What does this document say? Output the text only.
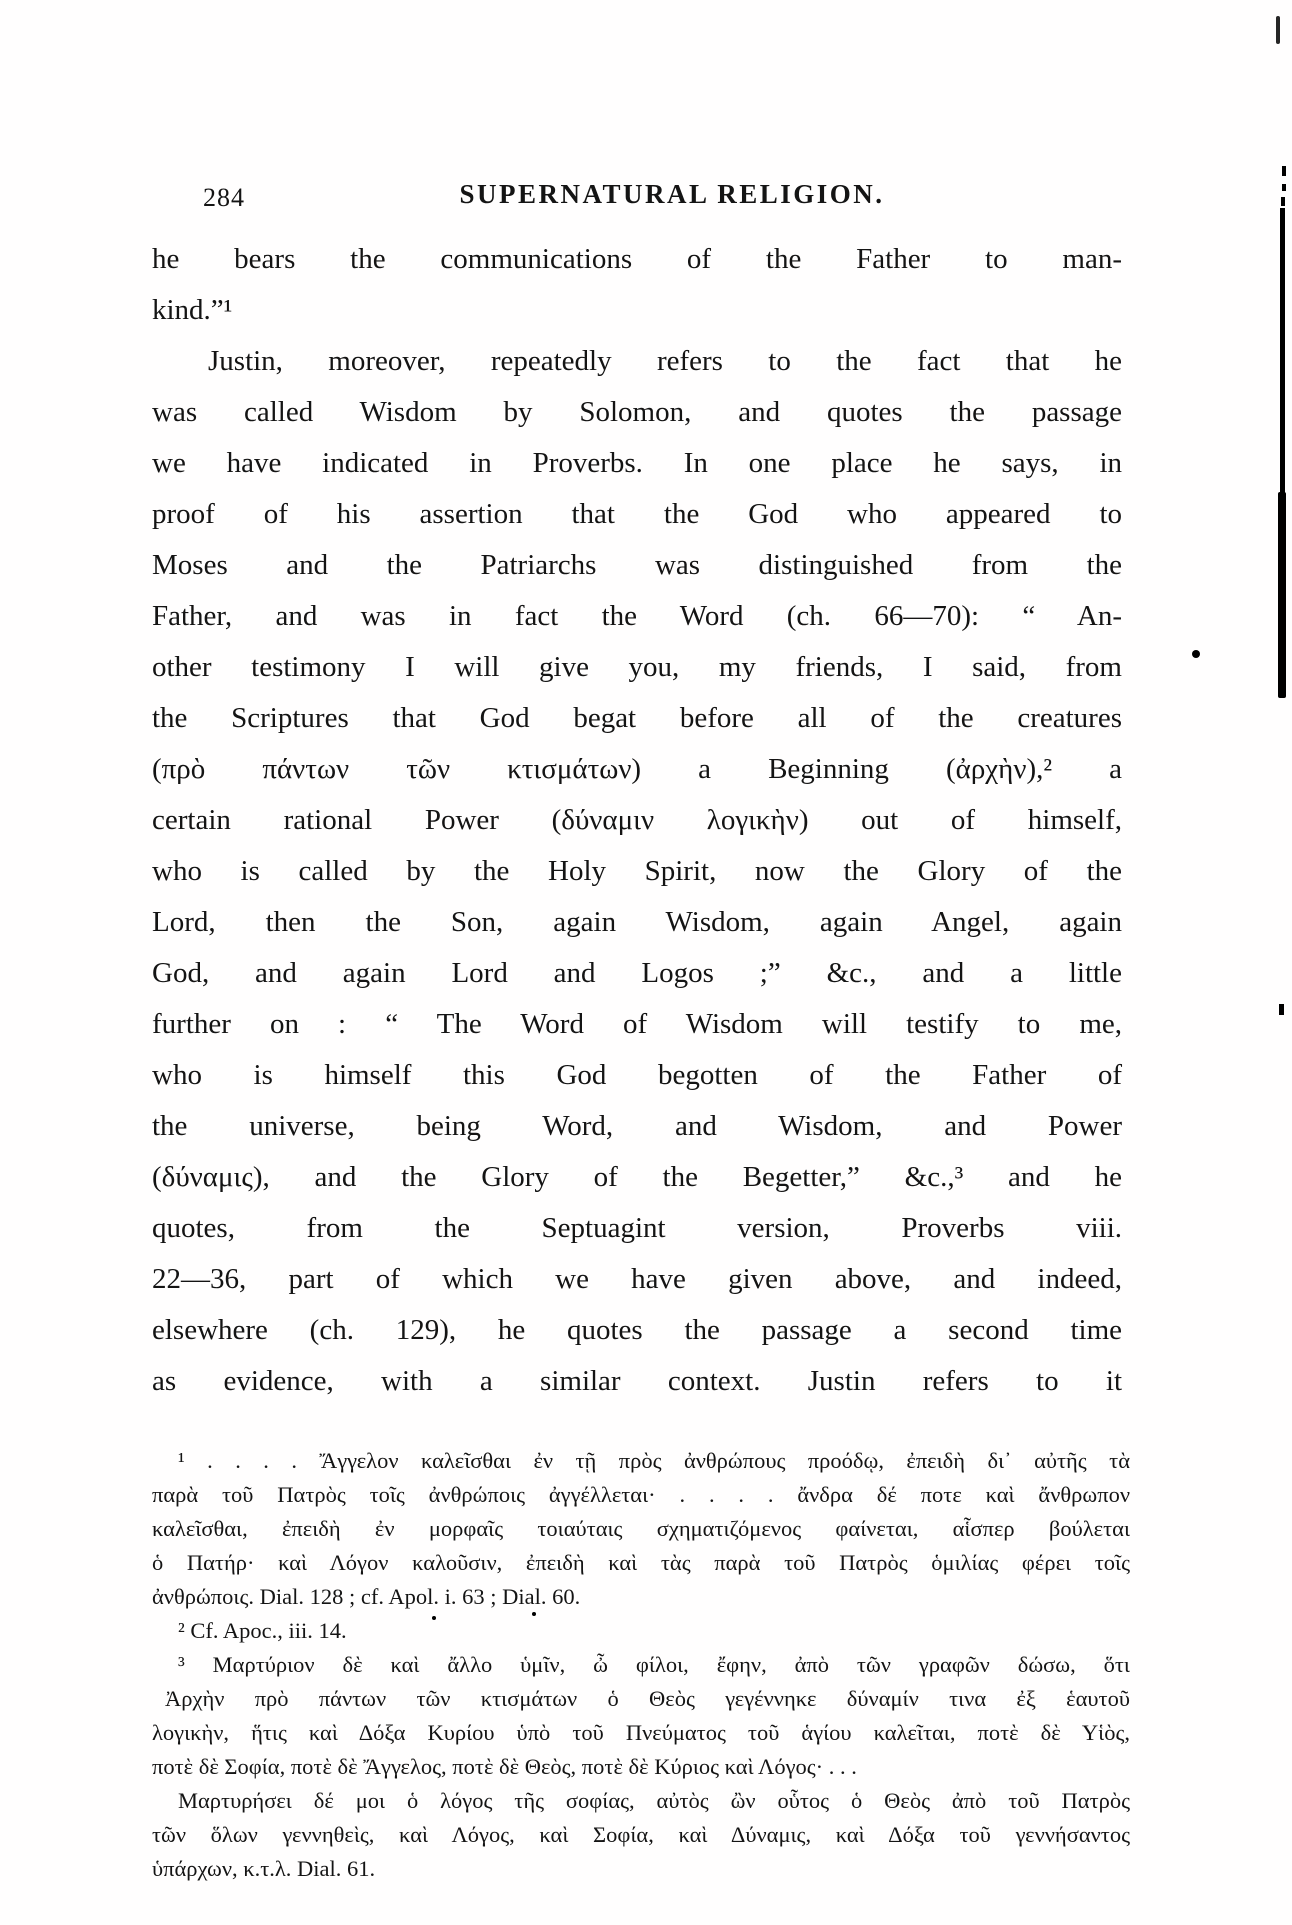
284	SUPERNATURAL RELIGION.
he bears the communications of the Father to man-
kind.”¹
Justin, moreover, repeatedly refers to the fact that he
was called Wisdom by Solomon, and quotes the passage
we have indicated in Proverbs. In one place he says, in
proof of his assertion that the God who appeared to
Moses and the Patriarchs was distinguished from the
Father, and was in fact the Word (ch. 66—70): “ An-
other testimony I will give you, my friends, I said, from
the Scriptures that God begat before all of the creatures
(πρὸ πάντων τῶν κτισμάτων) a Beginning (ἀρχὴν),² a
certain rational Power (δύναμιν λογικὴν) out of himself,
who is called by the Holy Spirit, now the Glory of the
Lord, then the Son, again Wisdom, again Angel, again
God, and again Lord and Logos ;” &c., and a little
further on : “ The Word of Wisdom will testify to me,
who is himself this God begotten of the Father of
the universe, being Word, and Wisdom, and Power
(δύναμις), and the Glory of the Begetter,” &c.,³ and he
quotes, from the Septuagint version, Proverbs viii.
22—36, part of which we have given above, and indeed,
elsewhere (ch. 129), he quotes the passage a second time
as evidence, with a similar context. Justin refers to it
¹ . . . . Ἄγγελον καλεῖσθαι ἐν τῇ πρὸς ἀνθρώπους προόδῳ, ἐπειδὴ δι᾽ αὐτῆς τὰ
παρὰ τοῦ Πατρὸς τοῖς ἀνθρώποις ἀγγέλλεται· . . . . ἄνδρα δέ ποτε καὶ ἄνθρωπον
καλεῖσθαι, ἐπειδὴ ἐν μορφαῖς τοιαύταις σχηματιζόμενος φαίνεται, αἷσπερ βούλεται
ὁ Πατήρ· καὶ Λόγον καλοῦσιν, ἐπειδὴ καὶ τὰς παρὰ τοῦ Πατρὸς ὁμιλίας φέρει τοῖς
ἀνθρώποις. Dial. 128 ; cf. Apol. i. 63 ; Dial. 60.
² Cf. Apoc., iii. 14.
³ Μαρτύριον δὲ καὶ ἄλλο ὑμῖν, ὦ φίλοι, ἔφην, ἀπὸ τῶν γραφῶν δώσω, ὅτι
Ἀρχὴν πρὸ πάντων τῶν κτισμάτων ὁ Θεὸς γεγέννηκε δύναμίν τινα ἐξ ἑαυτοῦ
λογικὴν, ἥτις καὶ Δόξα Κυρίου ὑπὸ τοῦ Πνεύματος τοῦ ἁγίου καλεῖται, ποτὲ δὲ Υἱὸς,
ποτὲ δὲ Σοφία, ποτὲ δὲ Ἄγγελος, ποτὲ δὲ Θεὸς, ποτὲ δὲ Κύριος καὶ Λόγος· . . .
Μαρτυρήσει δέ μοι ὁ λόγος τῆς σοφίας, αὐτὸς ὢν οὗτος ὁ Θεὸς ἀπὸ τοῦ Πατρὸς
τῶν ὅλων γεννηθεὶς, καὶ Λόγος, καὶ Σοφία, καὶ Δύναμις, καὶ Δόξα τοῦ γεννήσαντος
ὑπάρχων, κ.τ.λ. Dial. 61.
